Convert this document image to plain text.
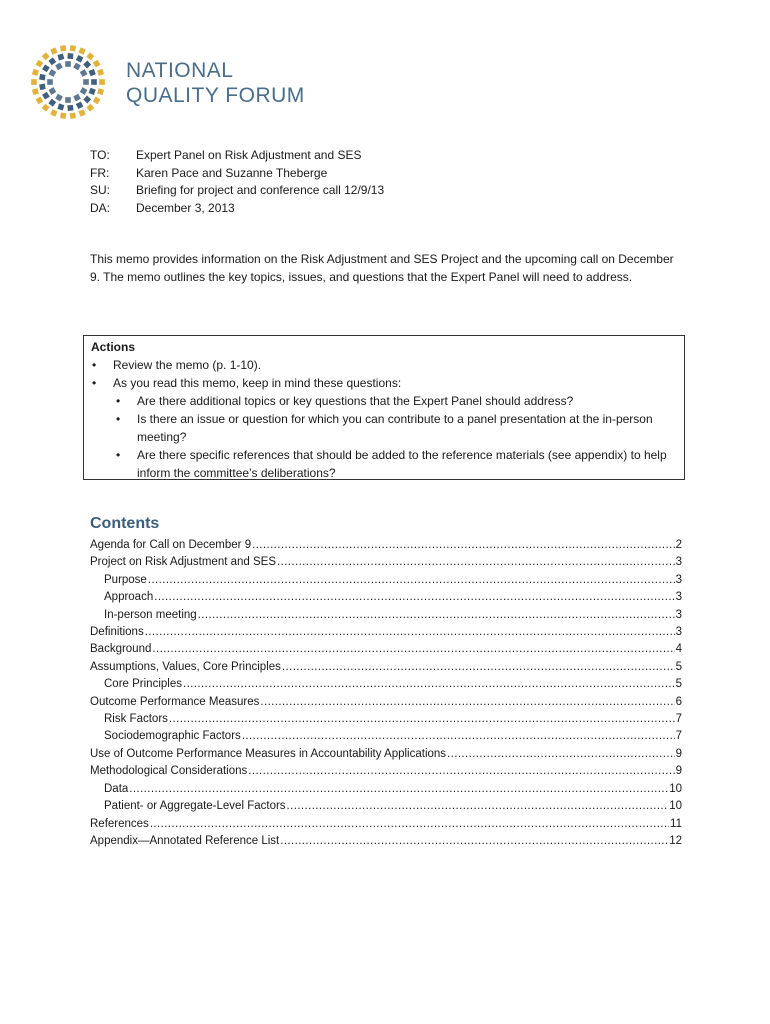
NATIONAL
QUALITY FORUM
TO:	Expert Panel on Risk Adjustment and SES
FR:	Karen Pace and Suzanne Theberge
SU:	Briefing for project and conference call 12/9/13
DA:	December 3, 2013

This memo provides information on the Risk Adjustment and SES Project and the upcoming call on December 9. The memo outlines the key topics, issues, and questions that the Expert Panel will need to address.

Actions
• Review the memo (p. 1-10).
• As you read this memo, keep in mind these questions:
• Are there additional topics or key questions that the Expert Panel should address?
• Is there an issue or question for which you can contribute to a panel presentation at the in-person meeting?
• Are there specific references that should be added to the reference materials (see appendix) to help inform the committee’s deliberations?
Contents
Agenda for Call on December 9 .....	2
Project on Risk Adjustment and SES .....	3
Purpose .....	3
Approach .....	3
In-person meeting .....	3
Definitions .....	3
Background .....	4
Assumptions, Values, Core Principles .....	5
Core Principles .....	5
Outcome Performance Measures .....	6
Risk Factors .....	7
Sociodemographic Factors .....	7
Use of Outcome Performance Measures in Accountability Applications .....	9
Methodological Considerations .....	9
Data .....	10
Patient- or Aggregate-Level Factors .....	10
References .....	11
Appendix—Annotated Reference List .....	12
